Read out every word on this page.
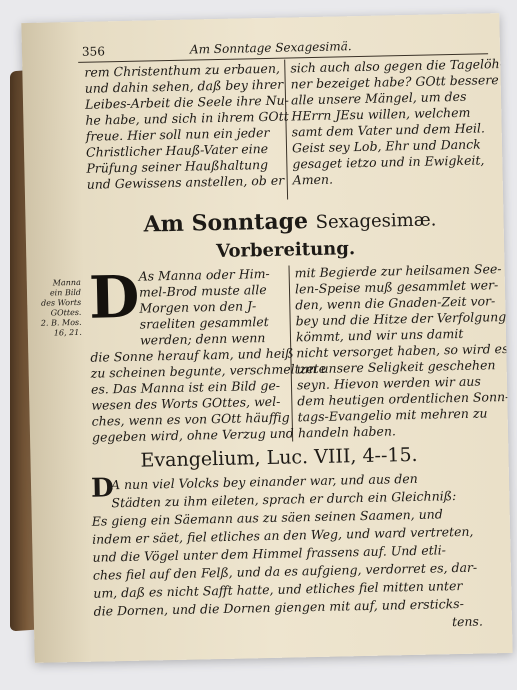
356	Am Sonntage Sexagesimä.
rem Christenthum zu erbauen,
und dahin sehen, daß bey ihrer
Leibes-Arbeit die Seele ihre Nu-
he habe, und sich in ihrem GOtt
freue. Hier soll nun ein jeder
Christlicher Hauß-Vater eine
Prüfung seiner Haußhaltung
und Gewissens anstellen, ob er
sich auch also gegen die Tagelöh-
ner bezeiget habe? GOtt bessere
alle unsere Mängel, um des
HErrn JEsu willen, welchem
samt dem Vater und dem Heil.
Geist sey Lob, Ehr und Danck
gesaget ietzo und in Ewigkeit,
Amen.
Am Sonntage Sexagesimæ.
Vorbereitung.
Manna
ein Bild
des Worts
GOttes.
2. B. Mos.
16, 21.
D
As Manna oder Him-
mel-Brod muste alle
Morgen von den J-
sraeliten gesammlet
werden; denn wenn
die Sonne herauf kam, und heiß
zu scheinen begunte, verschmeltzete
es. Das Manna ist ein Bild ge-
wesen des Worts GOttes, wel-
ches, wenn es von GOtt häuffig
gegeben wird, ohne Verzug und
mit Begierde zur heilsamen See-
len-Speise muß gesammlet wer-
den, wenn die Gnaden-Zeit vor-
bey und die Hitze der Verfolgung
kömmt, und wir uns damit
nicht versorget haben, so wird es
um unsere Seligkeit geschehen
seyn. Hievon werden wir aus
dem heutigen ordentlichen Sonn-
tags-Evangelio mit mehren zu
handeln haben.
Evangelium, Luc. VIII, 4--15.
D
A nun viel Volcks bey einander war, und aus den
Städten zu ihm eileten, sprach er durch ein Gleichniß:
Es gieng ein Säemann aus zu säen seinen Saamen, und
indem er säet, fiel etliches an den Weg, und ward vertreten,
und die Vögel unter dem Himmel frassens auf. Und etli-
ches fiel auf den Felß, und da es aufgieng, verdorret es, dar-
um, daß es nicht Safft hatte, und etliches fiel mitten unter
die Dornen, und die Dornen giengen mit auf, und ersticks-
tens.
